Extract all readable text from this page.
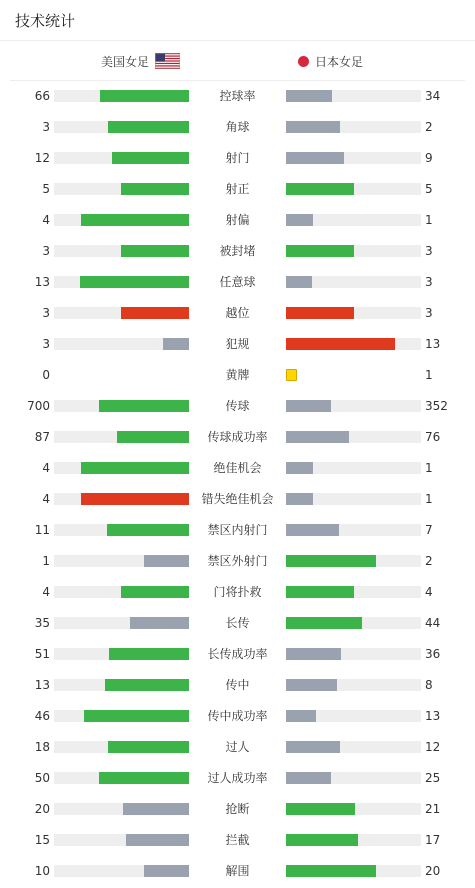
技术统计
美国女足	日本女足
66	控球率	34
3	角球	2
12	射门	9
5	射正	5
4	射偏	1
3	被封堵	3
13	任意球	3
3	越位	3
3	犯规	13
0	黄牌	1
700	传球	352
87	传球成功率	76
4	绝佳机会	1
4	错失绝佳机会	1
11	禁区内射门	7
1	禁区外射门	2
4	门将扑救	4
35	长传	44
51	长传成功率	36
13	传中	8
46	传中成功率	13
18	过人	12
50	过人成功率	25
20	抢断	21
15	拦截	17
10	解围	20
